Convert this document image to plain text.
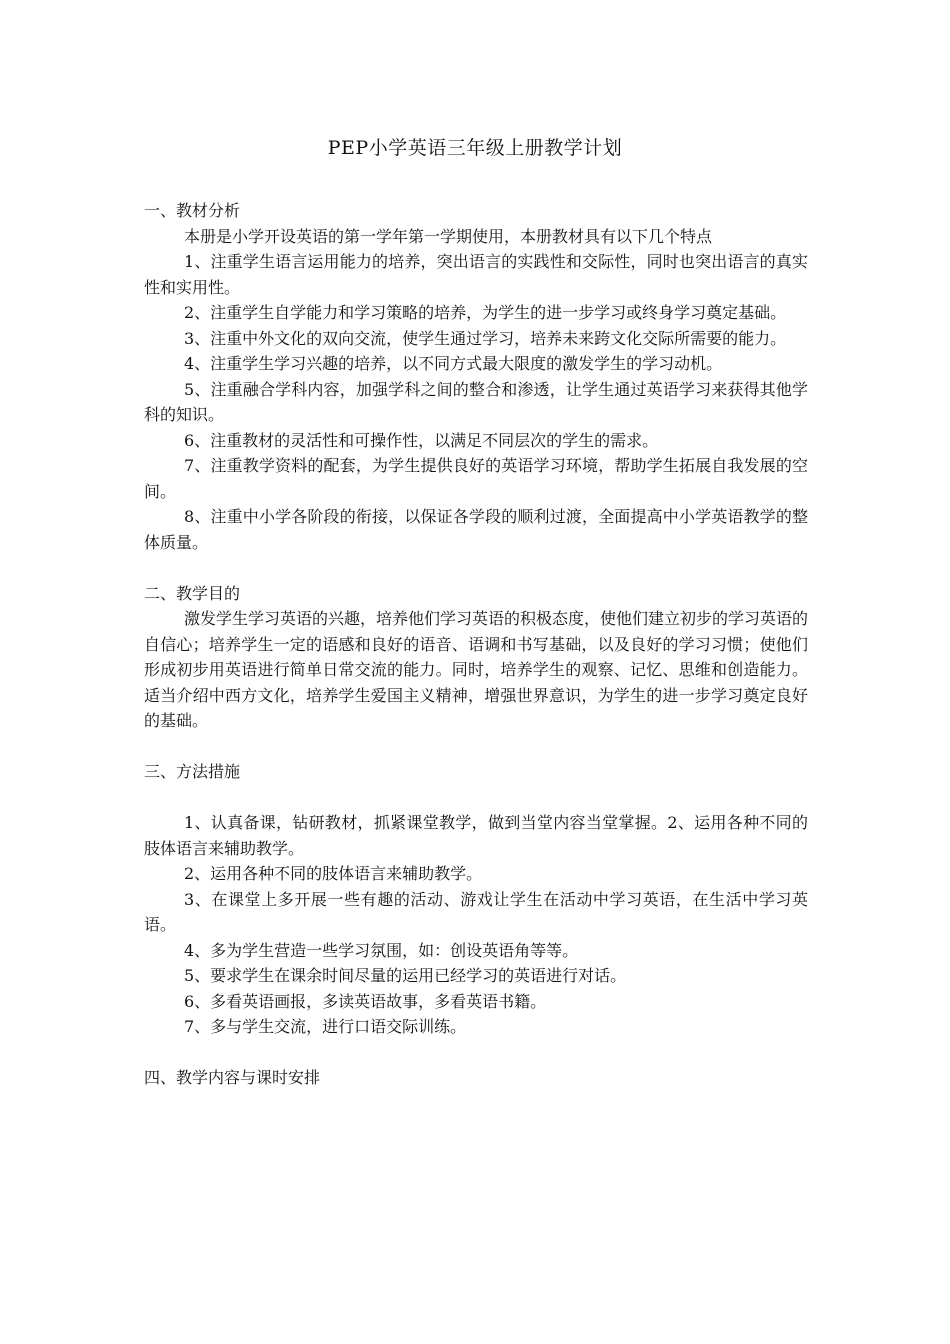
PEP小学英语三年级上册教学计划

一、教材分析

本册是小学开设英语的第一学年第一学期使用，本册教材具有以下几个特点

1、注重学生语言运用能力的培养，突出语言的实践性和交际性，同时也突出语言的真实性和实用性。

2、注重学生自学能力和学习策略的培养，为学生的进一步学习或终身学习奠定基础。

3、注重中外文化的双向交流，使学生通过学习，培养未来跨文化交际所需要的能力。

4、注重学生学习兴趣的培养，以不同方式最大限度的激发学生的学习动机。

5、注重融合学科内容，加强学科之间的整合和渗透，让学生通过英语学习来获得其他学科的知识。

6、注重教材的灵活性和可操作性，以满足不同层次的学生的需求。

7、注重教学资料的配套，为学生提供良好的英语学习环境，帮助学生拓展自我发展的空间。

8、注重中小学各阶段的衔接，以保证各学段的顺利过渡，全面提高中小学英语教学的整体质量。

二、教学目的

激发学生学习英语的兴趣，培养他们学习英语的积极态度，使他们建立初步的学习英语的自信心；培养学生一定的语感和良好的语音、语调和书写基础，以及良好的学习习惯；使他们形成初步用英语进行简单日常交流的能力。同时，培养学生的观察、记忆、思维和创造能力。适当介绍中西方文化，培养学生爱国主义精神，增强世界意识，为学生的进一步学习奠定良好的基础。

三、方法措施

1、认真备课，钻研教材，抓紧课堂教学，做到当堂内容当堂掌握。2、运用各种不同的肢体语言来辅助教学。

2、运用各种不同的肢体语言来辅助教学。

3、在课堂上多开展一些有趣的活动、游戏让学生在活动中学习英语，在生活中学习英语。

4、多为学生营造一些学习氛围，如：创设英语角等等。

5、要求学生在课余时间尽量的运用已经学习的英语进行对话。

6、多看英语画报，多读英语故事，多看英语书籍。

7、多与学生交流，进行口语交际训练。

四、教学内容与课时安排
